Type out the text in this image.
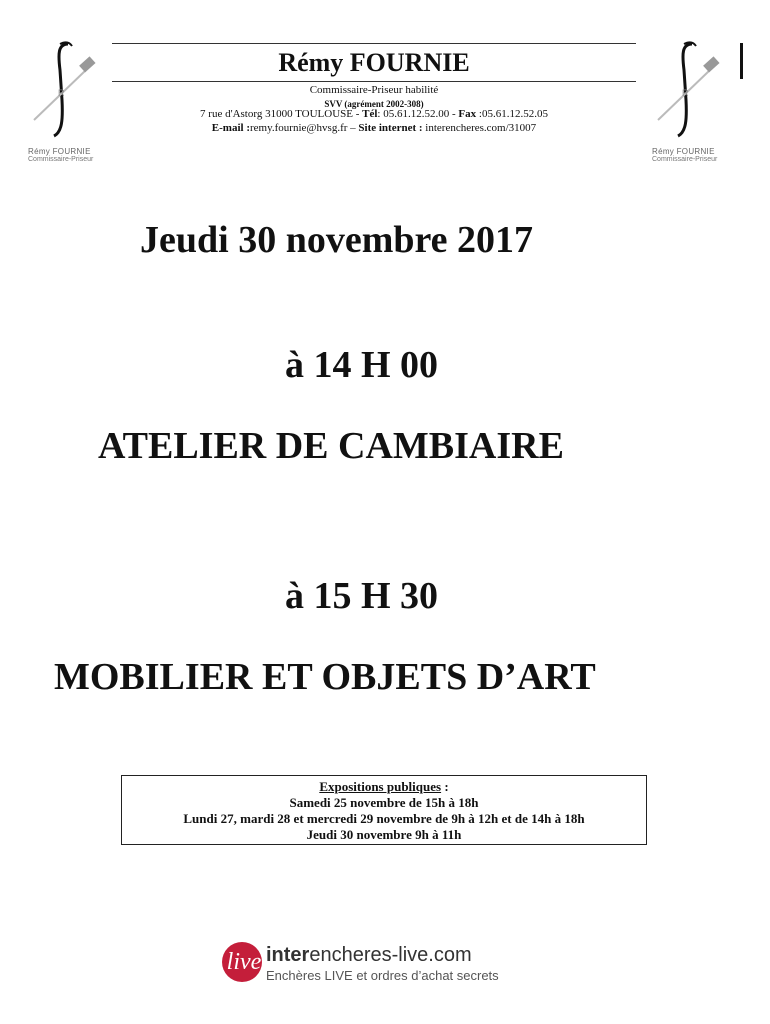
R
Rémy FOURNIE
Commissaire-Priseur
R
Rémy FOURNIE
Commissaire-Priseur
Rémy FOURNIE
Commissaire-Priseur habilité
SVV (agrément 2002-308)
7 rue d'Astorg 31000 TOULOUSE - Tél: 05.61.12.52.00 - Fax :05.61.12.52.05
E-mail :remy.fournie@hvsg.fr – Site internet : interencheres.com/31007
Jeudi 30 novembre 2017
à 14 H 00
ATELIER DE CAMBIAIRE
à 15 H 30
MOBILIER ET OBJETS D’ART
Expositions publiques :
Samedi 25 novembre de 15h à 18h
Lundi 27, mardi 28 et mercredi 29 novembre de 9h à 12h et de 14h à 18h
Jeudi 30 novembre 9h à 11h
live interencheres-live.com
Enchères LIVE et ordres d’achat secrets
